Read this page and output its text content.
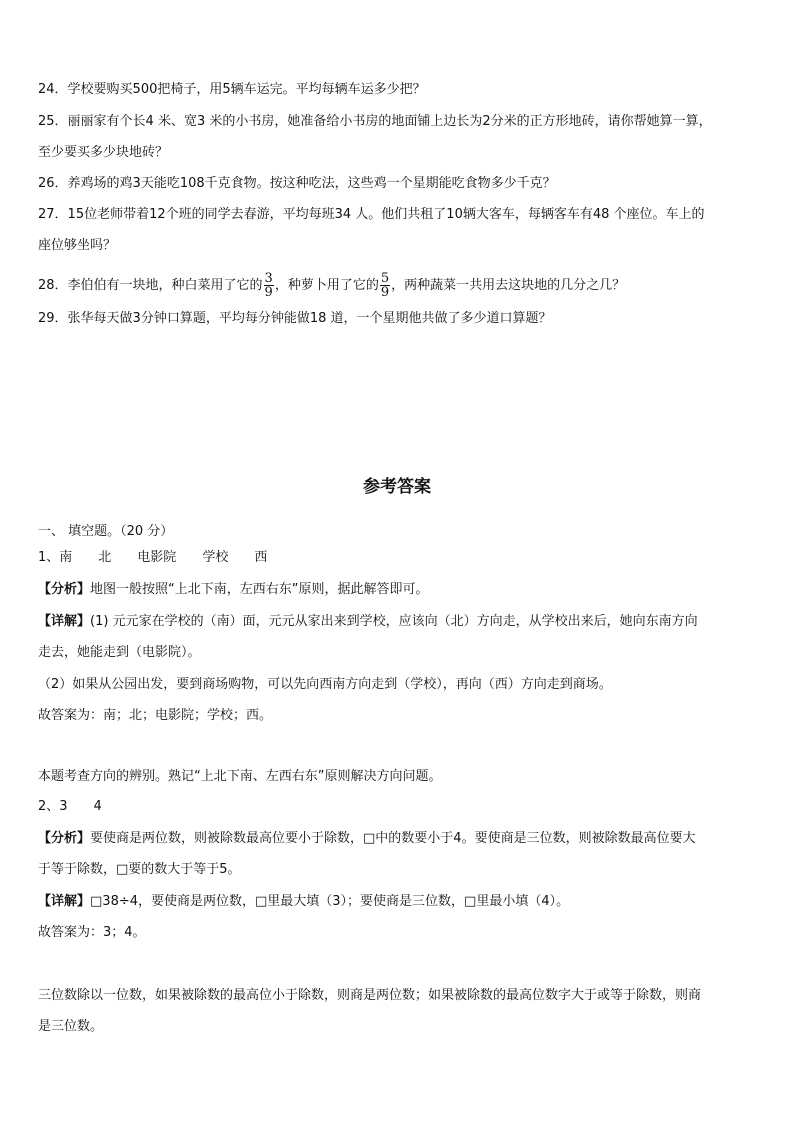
24．学校要购买500把椅子，用5辆车运完。平均每辆车运多少把？
25．丽丽家有个长4 米、宽3 米的小书房，她准备给小书房的地面铺上边长为2分米的正方形地砖，请你帮她算一算，
至少要买多少块地砖？
26．养鸡场的鸡3天能吃108千克食物。按这种吃法，这些鸡一个星期能吃食物多少千克？
27．15位老师带着12个班的同学去春游，平均每班34 人。他们共租了10辆大客车，每辆客车有48 个座位。车上的
座位够坐吗？
28．李伯伯有一块地，种白菜用了它的 $\frac{3}{9}$ ，种萝卜用了它的 $\frac{5}{9}$ ，两种蔬菜一共用去这块地的几分之几？
29．张华每天做3分钟口算题，平均每分钟能做18 道，一个星期他共做了多少道口算题？
参考答案
一、 填空题。（20 分）
1、南 北 电影院 学校 西
【分析】地图一般按照“上北下南，左西右东”原则，据此解答即可。
【详解】(1) 元元家在学校的（南）面，元元从家出来到学校，应该向（北）方向走，从学校出来后，她向东南方向
走去，她能走到（电影院）。
（2）如果从公园出发，要到商场购物，可以先向西南方向走到（学校），再向（西）方向走到商场。
故答案为：南；北；电影院；学校；西。
本题考查方向的辨别。熟记“上北下南、左西右东”原则解决方向问题。
2、3 4
【分析】要使商是两位数，则被除数最高位要小于除数，□中的数要小于4。要使商是三位数，则被除数最高位要大
于等于除数，□要的数大于等于5。
【详解】□38÷4，要使商是两位数，□里最大填（3）；要使商是三位数，□里最小填（4）。
故答案为：3；4。
三位数除以一位数，如果被除数的最高位小于除数，则商是两位数；如果被除数的最高位数字大于或等于除数，则商
是三位数。
